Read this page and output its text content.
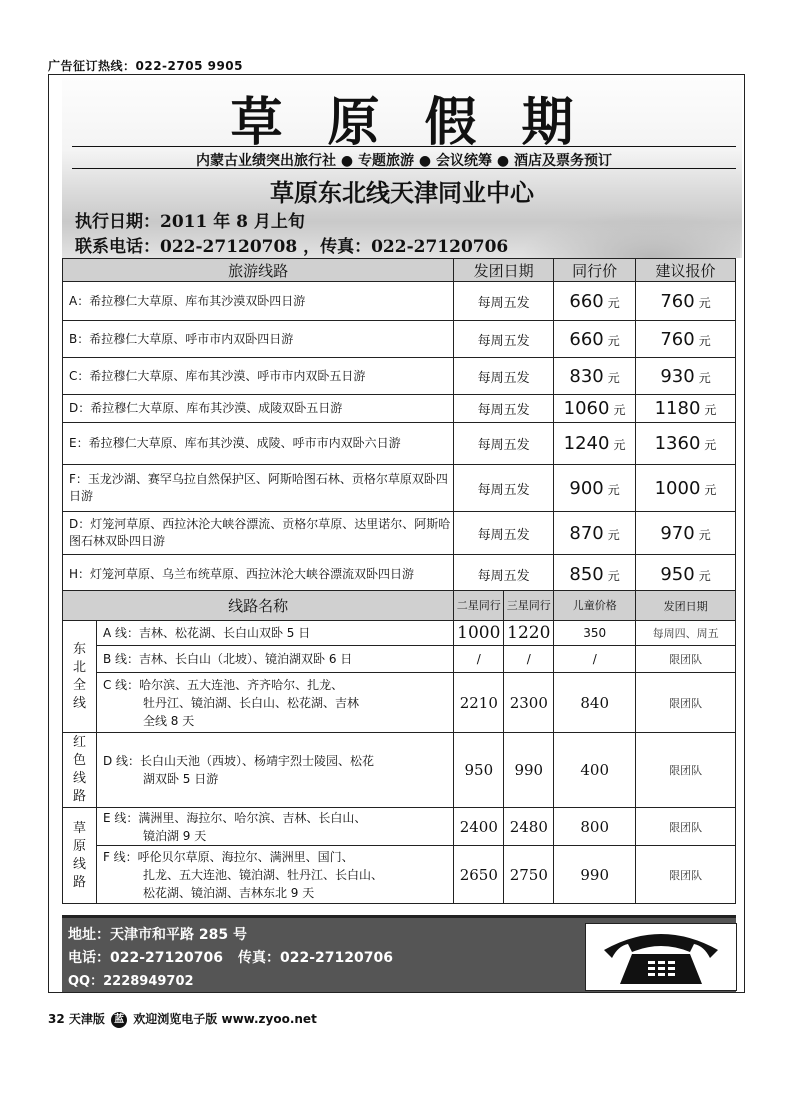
广告征订热线：022-2705 9905
草原假期
内蒙古业绩突出旅行社 ● 专题旅游 ● 会议统筹 ● 酒店及票务预订
草原东北线天津同业中心
执行日期：2011 年 8 月上旬
联系电话：022-27120708 ，传真：022-27120706
旅游线路	发团日期	同行价	建议报价
A：希拉穆仁大草原、库布其沙漠双卧四日游	每周五发	660 元	760 元
B：希拉穆仁大草原、呼市市内双卧四日游	每周五发	660 元	760 元
C：希拉穆仁大草原、库布其沙漠、呼市市内双卧五日游	每周五发	830 元	930 元
D：希拉穆仁大草原、库布其沙漠、成陵双卧五日游	每周五发	1060 元	1180 元
E：希拉穆仁大草原、库布其沙漠、成陵、呼市市内双卧六日游	每周五发	1240 元	1360 元
F：玉龙沙湖、赛罕乌拉自然保护区、阿斯哈图石林、贡格尔草原双卧四日游	每周五发	900 元	1000 元
D：灯笼河草原、西拉沐沦大峡谷漂流、贡格尔草原、达里诺尔、阿斯哈图石林双卧四日游	每周五发	870 元	970 元
H：灯笼河草原、乌兰布统草原、西拉沐沦大峡谷漂流双卧四日游	每周五发	850 元	950 元
线路名称		二星同行	三星同行	儿童价格	发团日期
东北全线	A 线：吉林、松花湖、长白山双卧 5 日	1000	1220	350	每周四、周五
	B 线：吉林、长白山（北坡）、镜泊湖双卧 6 日	/	/	/	限团队
	C 线：哈尔滨、五大连池、齐齐哈尔、扎龙、
牡丹江、镜泊湖、长白山、松花湖、吉林
全线 8 天	2210	2300	840	限团队
红色线路	D 线：长白山天池（西坡）、杨靖宇烈士陵园、松花
湖双卧 5 日游	950	990	400	限团队
草原线路	E 线：满洲里、海拉尔、哈尔滨、吉林、长白山、
镜泊湖 9 天	2400	2480	800	限团队
	F 线：呼伦贝尔草原、海拉尔、满洲里、国门、
扎龙、五大连池、镜泊湖、牡丹江、长白山、
松花湖、镜泊湖、吉林东北 9 天	2650	2750	990	限团队
地址：天津市和平路 285 号
电话：022-27120706 传真：022-27120706
QQ：2228949702
32 天津版 蓝 欢迎浏览电子版 www.zyoo.net
